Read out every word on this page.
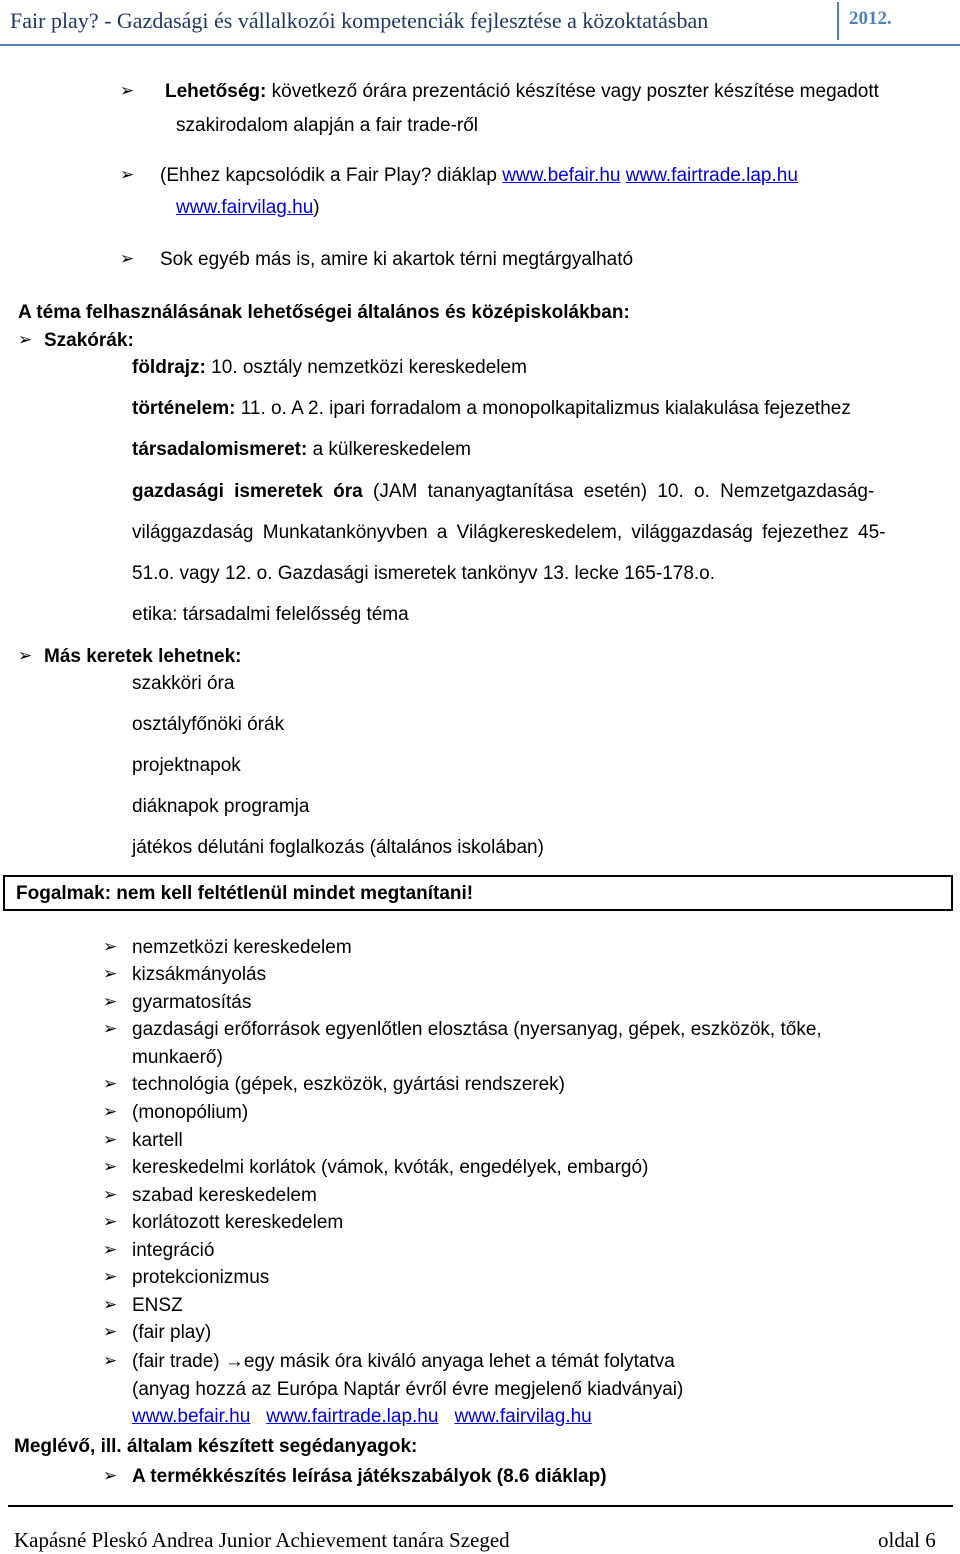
Fair play? - Gazdasági és vállalkozói kompetenciák fejlesztése a közoktatásban	2012.
➢ Lehetőség: következő órára prezentáció készítése vagy poszter készítése megadott
szakirodalom alapján a fair trade-ről
➢ (Ehhez kapcsolódik a Fair Play? diáklap www.befair.hu www.fairtrade.lap.hu
www.fairvilag.hu)
➢ Sok egyéb más is, amire ki akartok térni megtárgyalható
A téma felhasználásának lehetőségei általános és középiskolákban:
➢ Szakórák:
földrajz: 10. osztály nemzetközi kereskedelem
történelem: 11. o. A 2. ipari forradalom a monopolkapitalizmus kialakulása fejezethez
társadalomismeret: a külkereskedelem
gazdasági ismeretek óra (JAM tananyagtanítása esetén) 10. o. Nemzetgazdaság-
világgazdaság Munkatankönyvben a Világkereskedelem, világgazdaság fejezethez 45-
51.o. vagy 12. o. Gazdasági ismeretek tankönyv 13. lecke 165-178.o.
etika: társadalmi felelősség téma
➢ Más keretek lehetnek:
szakköri óra
osztályfőnöki órák
projektnapok
diáknapok programja
játékos délutáni foglalkozás (általános iskolában)
Fogalmak: nem kell feltétlenül mindet megtanítani!
➢ nemzetközi kereskedelem
➢ kizsákmányolás
➢ gyarmatosítás
➢ gazdasági erőforrások egyenlőtlen elosztása (nyersanyag, gépek, eszközök, tőke,
munkaerő)
➢ technológia (gépek, eszközök, gyártási rendszerek)
➢ (monopólium)
➢ kartell
➢ kereskedelmi korlátok (vámok, kvóták, engedélyek, embargó)
➢ szabad kereskedelem
➢ korlátozott kereskedelem
➢ integráció
➢ protekcionizmus
➢ ENSZ
➢ (fair play)
➢ (fair trade) →egy másik óra kiváló anyaga lehet a témát folytatva
(anyag hozzá az Európa Naptár évről évre megjelenő kiadványai)
www.befair.hu www.fairtrade.lap.hu www.fairvilag.hu
Meglévő, ill. általam készített segédanyagok:
➢ A termékkészítés leírása játékszabályok (8.6 diáklap)
Kapásné Pleskó Andrea Junior Achievement tanára Szeged	oldal 6
